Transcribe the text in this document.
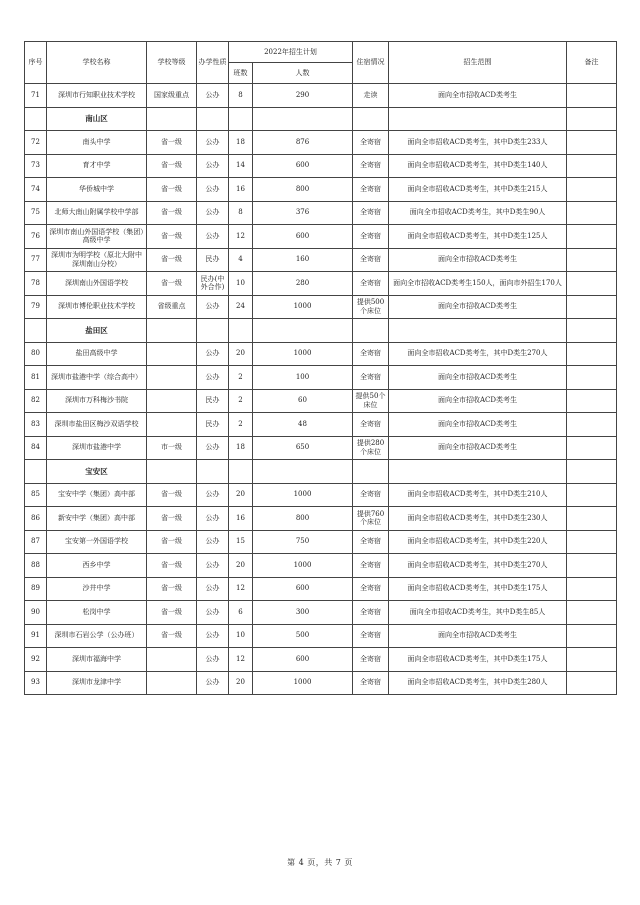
序号	学校名称	学校等级	办学性质	2022年招生计划		住宿情况	招生范围	备注
				班数	人数			
71	深圳市行知职业技术学校	国家级重点	公办	8	290	走读	面向全市招收ACD类考生	
	南山区							
72	南头中学	省一级	公办	18	876	全寄宿	面向全市招收ACD类考生，其中D类生233人	
73	育才中学	省一级	公办	14	600	全寄宿	面向全市招收ACD类考生，其中D类生140人	
74	华侨城中学	省一级	公办	16	800	全寄宿	面向全市招收ACD类考生，其中D类生215人	
75	北师大南山附属学校中学部	省一级	公办	8	376	全寄宿	面向全市招收ACD类考生，其中D类生90人	
76	深圳市南山外国语学校（集团）高级中学	省一级	公办	12	600	全寄宿	面向全市招收ACD类考生，其中D类生125人	
77	深圳市为明学校（原北大附中深圳南山分校）	省一级	民办	4	160	全寄宿	面向全市招收ACD类考生	
78	深圳南山外国语学校	省一级	民办(中外合作)	10	280	全寄宿	面向全市招收ACD类考生150人，面向市外招生170人	
79	深圳市博伦职业技术学校	省级重点	公办	24	1000	提供500个床位	面向全市招收ACD类考生	
	盐田区							
80	盐田高级中学		公办	20	1000	全寄宿	面向全市招收ACD类考生，其中D类生270人	
81	深圳市盐港中学（综合高中）		公办	2	100	全寄宿	面向全市招收ACD类考生	
82	深圳市万科梅沙书院		民办	2	60	提供50个床位	面向全市招收ACD类考生	
83	深圳市盐田区梅沙双语学校		民办	2	48	全寄宿	面向全市招收ACD类考生	
84	深圳市盐港中学	市一级	公办	18	650	提供280个床位	面向全市招收ACD类考生	
	宝安区							
85	宝安中学（集团）高中部	省一级	公办	20	1000	全寄宿	面向全市招收ACD类考生，其中D类生210人	
86	新安中学（集团）高中部	省一级	公办	16	800	提供760个床位	面向全市招收ACD类考生，其中D类生230人	
87	宝安第一外国语学校	省一级	公办	15	750	全寄宿	面向全市招收ACD类考生，其中D类生220人	
88	西乡中学	省一级	公办	20	1000	全寄宿	面向全市招收ACD类考生，其中D类生270人	
89	沙井中学	省一级	公办	12	600	全寄宿	面向全市招收ACD类考生，其中D类生175人	
90	松岗中学	省一级	公办	6	300	全寄宿	面向全市招收ACD类考生，其中D类生85人	
91	深圳市石岩公学（公办班）	省一级	公办	10	500	全寄宿	面向全市招收ACD类考生	
92	深圳市福海中学		公办	12	600	全寄宿	面向全市招收ACD类考生，其中D类生175人	
93	深圳市龙津中学		公办	20	1000	全寄宿	面向全市招收ACD类考生，其中D类生280人	
第 4 页，共 7 页
